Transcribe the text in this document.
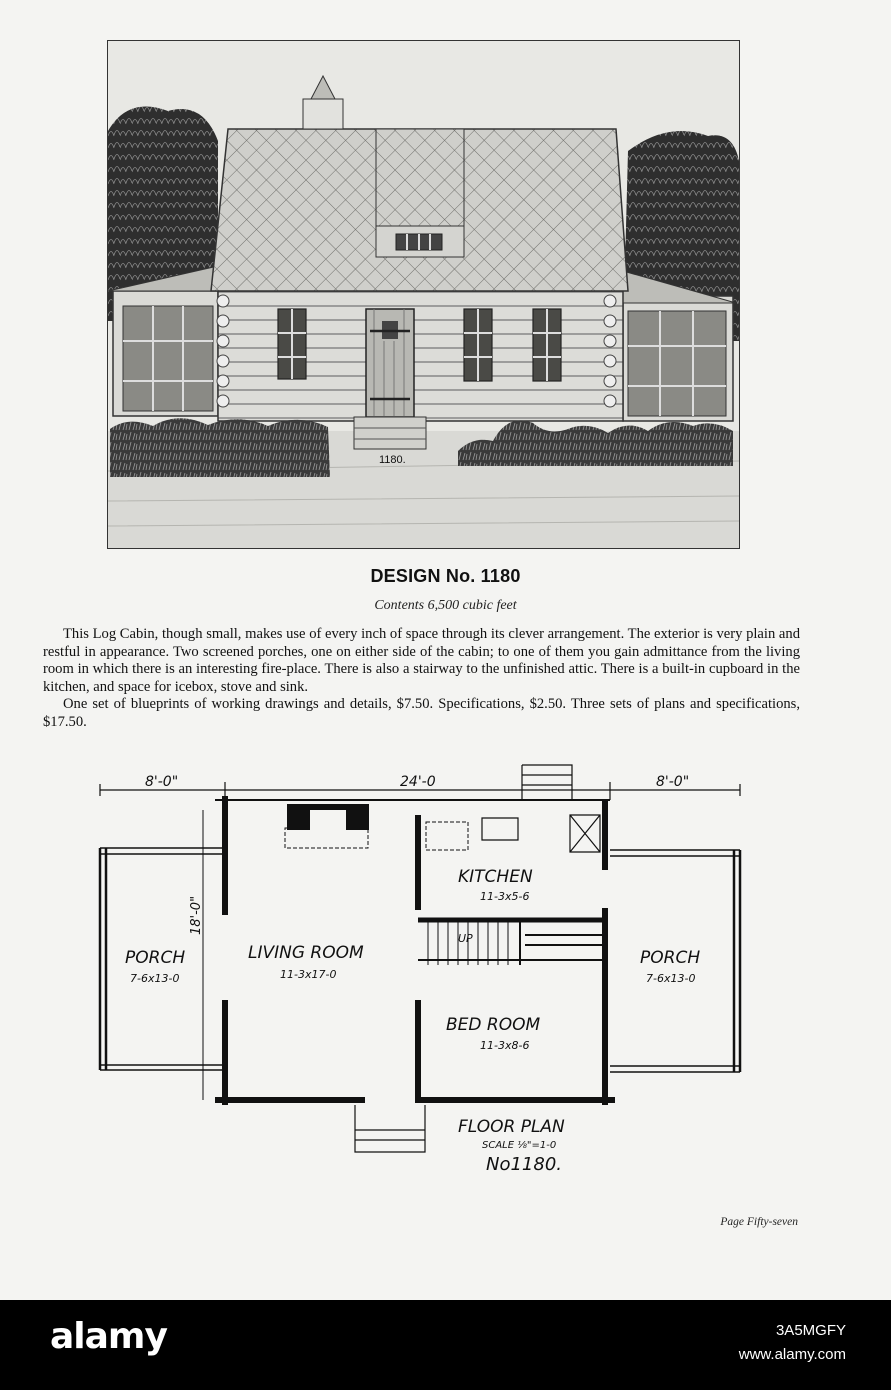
1180.
DESIGN No. 1180
Contents 6,500 cubic feet

This Log Cabin, though small, makes use of every inch of space through its clever arrangement. The exterior is very plain and restful in appearance. Two screened porches, one on either side of the cabin; to one of them you gain admittance from the living room in which there is an interesting fire-place. There is also a stairway to the unfinished attic. There is a built-in cupboard in the kitchen, and space for icebox, stove and sink.

One set of blueprints of working drawings and details, $7.50. Specifications, $2.50. Three sets of plans and specifications, $17.50.

8'-0"	24'-0	8'-0"
18'-0"
PORCH
7-6x13-0
LIVING ROOM
11-3x17-0
KITCHEN
11-3x5-6
UP
BED ROOM
11-3x8-6
PORCH
7-6x13-0
FLOOR PLAN
SCALE ⅛"=1-0
No1180.
Page Fifty-seven
alamy	3A5MGFY
www.alamy.com
